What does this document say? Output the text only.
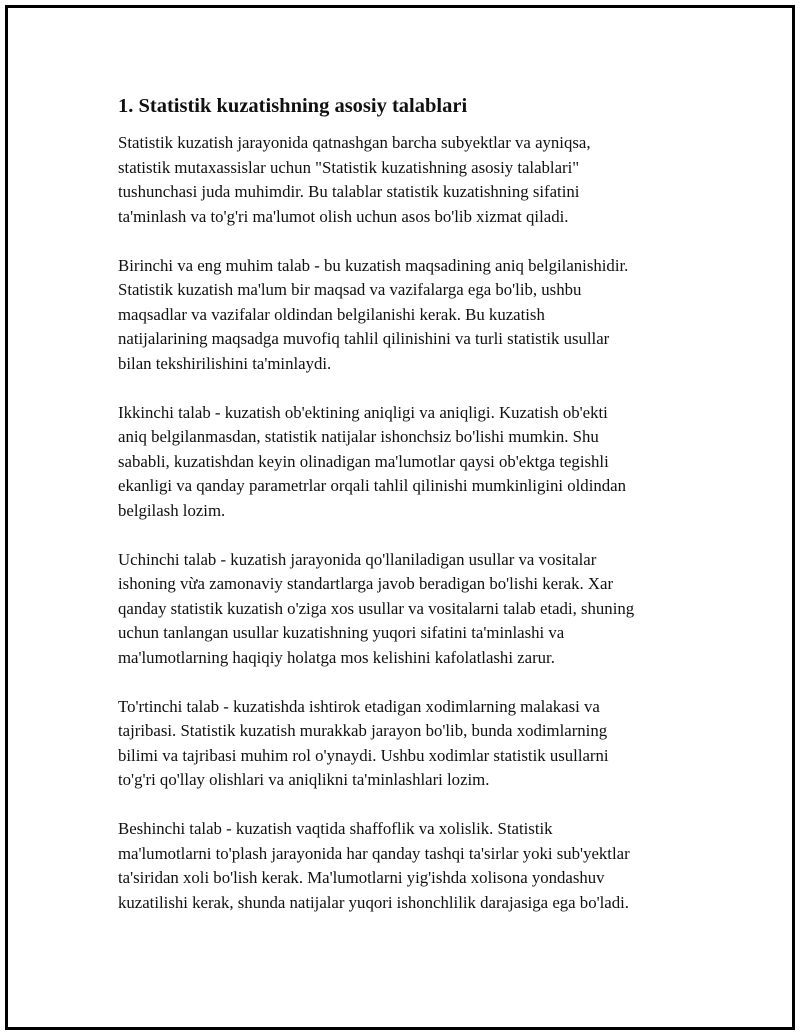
1. Statistik kuzatishning asosiy talablari

Statistik kuzatish jarayonida qatnashgan barcha subyektlar va ayniqsa,
statistik mutaxassislar uchun "Statistik kuzatishning asosiy talablari"
tushunchasi juda muhimdir. Bu talablar statistik kuzatishning sifatini
ta'minlash va to'g'ri ma'lumot olish uchun asos bo'lib xizmat qiladi.

Birinchi va eng muhim talab - bu kuzatish maqsadining aniq belgilanishidir.
Statistik kuzatish ma'lum bir maqsad va vazifalarga ega bo'lib, ushbu
maqsadlar va vazifalar oldindan belgilanishi kerak. Bu kuzatish
natijalarining maqsadga muvofiq tahlil qilinishini va turli statistik usullar
bilan tekshirilishini ta'minlaydi.

Ikkinchi talab - kuzatish ob'ektining aniqligi va aniqligi. Kuzatish ob'ekti
aniq belgilanmasdan, statistik natijalar ishonchsiz bo'lishi mumkin. Shu
sababli, kuzatishdan keyin olinadigan ma'lumotlar qaysi ob'ektga tegishli
ekanligi va qanday parametrlar orqali tahlil qilinishi mumkinligini oldindan
belgilash lozim.

Uchinchi talab - kuzatish jarayonida qo'llaniladigan usullar va vositalar
ishoning vừa zamonaviy standartlarga javob beradigan bo'lishi kerak. Xar
qanday statistik kuzatish o'ziga xos usullar va vositalarni talab etadi, shuning
uchun tanlangan usullar kuzatishning yuqori sifatini ta'minlashi va
ma'lumotlarning haqiqiy holatga mos kelishini kafolatlashi zarur.

To'rtinchi talab - kuzatishda ishtirok etadigan xodimlarning malakasi va
tajribasi. Statistik kuzatish murakkab jarayon bo'lib, bunda xodimlarning
bilimi va tajribasi muhim rol o'ynaydi. Ushbu xodimlar statistik usullarni
to'g'ri qo'llay olishlari va aniqlikni ta'minlashlari lozim.

Beshinchi talab - kuzatish vaqtida shaffoflik va xolislik. Statistik
ma'lumotlarni to'plash jarayonida har qanday tashqi ta'sirlar yoki sub'yektlar
ta'siridan xoli bo'lish kerak. Ma'lumotlarni yig'ishda xolisona yondashuv
kuzatilishi kerak, shunda natijalar yuqori ishonchlilik darajasiga ega bo'ladi.
